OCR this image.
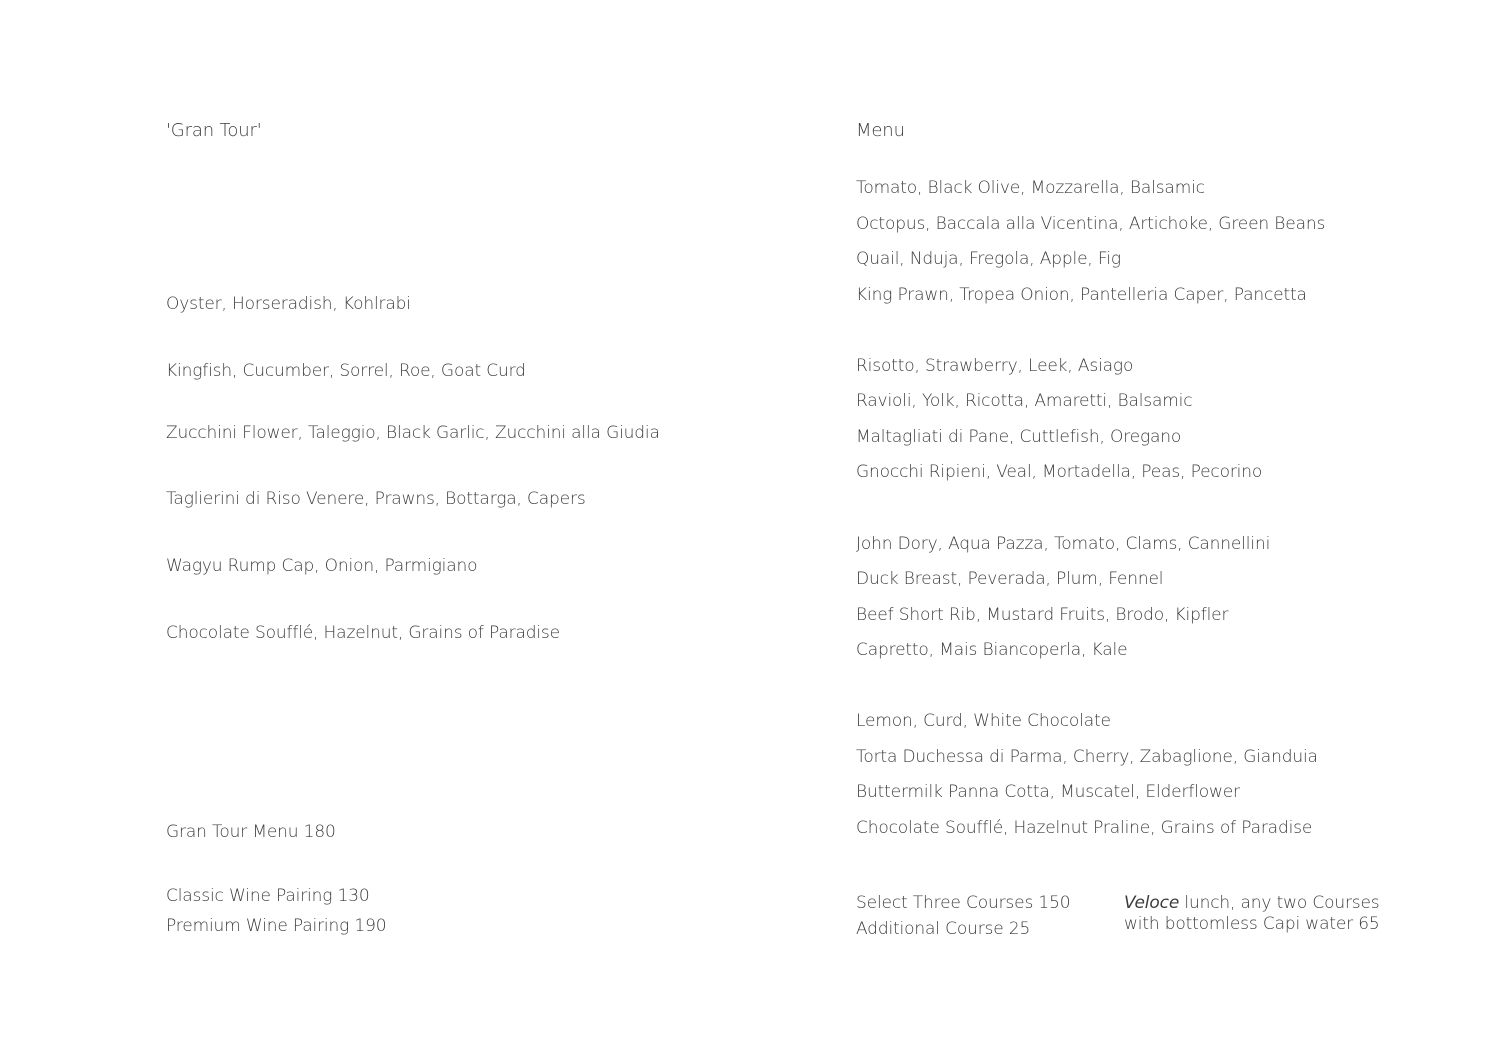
'Gran Tour'
Oyster, Horseradish, Kohlrabi
Kingfish, Cucumber, Sorrel, Roe, Goat Curd
Zucchini Flower, Taleggio, Black Garlic, Zucchini alla Giudia
Taglierini di Riso Venere, Prawns, Bottarga, Capers
Wagyu Rump Cap, Onion, Parmigiano
Chocolate Soufflé, Hazelnut, Grains of Paradise
Gran Tour Menu 180
Classic Wine Pairing 130
Premium Wine Pairing 190
Menu
Tomato, Black Olive, Mozzarella, Balsamic
Octopus, Baccala alla Vicentina, Artichoke, Green Beans
Quail, Nduja, Fregola, Apple, Fig
King Prawn, Tropea Onion, Pantelleria Caper, Pancetta
Risotto, Strawberry, Leek, Asiago
Ravioli, Yolk, Ricotta, Amaretti, Balsamic
Maltagliati di Pane, Cuttlefish, Oregano
Gnocchi Ripieni, Veal, Mortadella, Peas, Pecorino
John Dory, Aqua Pazza, Tomato, Clams, Cannellini
Duck Breast, Peverada, Plum, Fennel
Beef Short Rib, Mustard Fruits, Brodo, Kipfler
Capretto, Mais Biancoperla, Kale
Lemon, Curd, White Chocolate
Torta Duchessa di Parma, Cherry, Zabaglione, Gianduia
Buttermilk Panna Cotta, Muscatel, Elderflower
Chocolate Soufflé, Hazelnut Praline, Grains of Paradise
Select Three Courses 150
Additional Course 25
Veloce lunch, any two Courses
with bottomless Capi water 65
